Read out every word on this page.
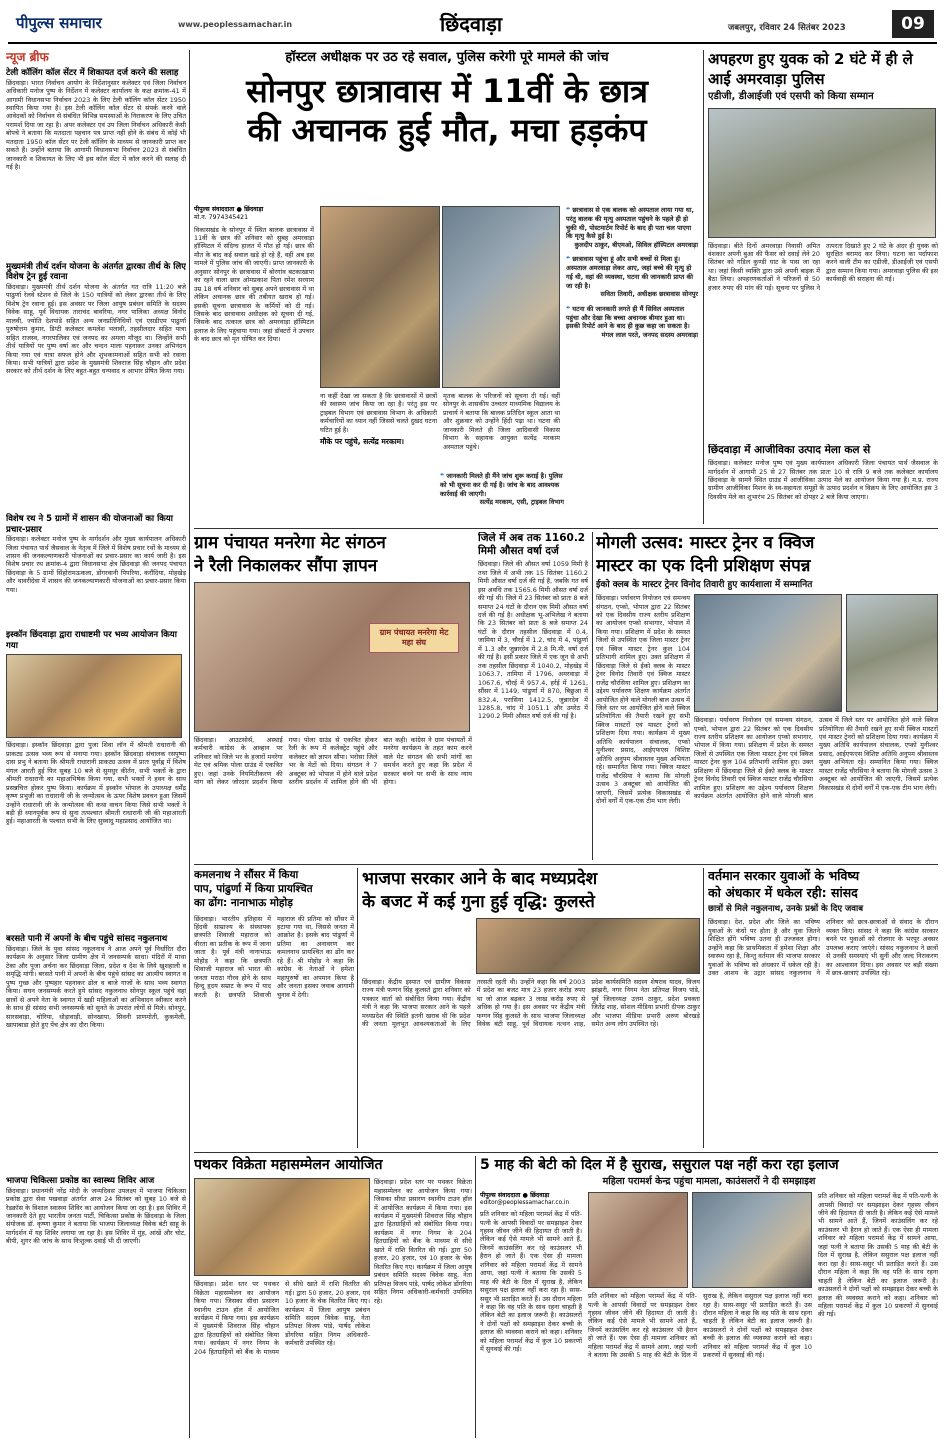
पीपुल्स समाचार	www.peoplessamachar.in	छिंदवाड़ा	जबलपुर, रविवार 24 सितंबर 2023	09
न्यूज ब्रीफ
टेली कॉलिंग कॉल सेंटर में शिकायत दर्ज करने की सलाह
छिंदवाड़ा। भारत निर्वाचन आयोग के निर्देशानुसार कलेक्टर एवं जिला निर्वाचन अधिकारी मनोज पुष्प के निर्देशन में कलेक्टर कार्यालय के कक्ष क्रमांक-41 में आगामी विधानसभा निर्वाचन 2023 के लिए टेली कॉलिंग कॉल सेंटर 1950 स्थापित किया गया है। इस टेली कॉलिंग कॉल सेंटर से संपर्क करने वाले आवेदकों को निर्वाचन से संबंधित विभिन्न समस्याओं के निराकरण के लिए उचित परामर्श दिया जा रहा है। अपर कलेक्टर एवं उप जिला निर्वाचन अधिकारी केसी बोपचे ने बताया कि मतदाता पहचान पत्र प्राप्त नहीं होने के संबंध में कोई भी मतदाता 1950 कॉल सेंटर पर टेली कॉलिंग के माध्यम से जानकारी प्राप्त कर सकते हैं। उन्होंने बताया कि आगामी विधानसभा निर्वाचन 2023 से संबंधित जानकारी व शिकायत के लिए भी इस कॉल सेंटर में कॉल करने की सलाह दी गई है।
मुख्यमंत्री तीर्थ दर्शन योजना के अंतर्गत द्वारका तीर्थ के लिए विशेष ट्रेन हुई रवाना
छिंदवाड़ा। मुख्यमंत्री तीर्थ दर्शन योजना के अंतर्गत गत रात्रि 11:20 बजे पाढुर्णा रेलवे स्टेशन से जिले के 150 यात्रियों को लेकर द्वारका तीर्थ के लिए विशेष ट्रेन रवाना हुई। इस अवसर पर जिला आयुष प्रबंधन समिति के सदस्य विवेक साहू, पूर्व विधायक ताराचंद बावरिया, नगर पालिका अध्यक्ष विनोद मालवी, ज्योति देशपांडे सहित अन्य जनप्रतिनिधियों एवं एसडीएम पाढुर्णा पुरुषोत्तम कुमार, डिप्टी कलेक्टर कमलेश भलावी, तहसीलदार सहित यात्रा सहित राजस्व, नगरपालिका एवं जनपद का अमला मौजूद था। जिन्होंने सभी तीर्थ यात्रियों पर पुष्प वर्षा कर और चन्दन माला पहनाकर उनका अभिनंदन किया गया एवं यात्रा सफल होने और शुभकामनाओं सहित सभी को रवाना किया। सभी यात्रियों द्वारा प्रदेश के मुख्यमंत्री शिवराज सिंह चौहान और प्रदेश सरकार को तीर्थ दर्शन के लिए बहुत-बहुत धन्यवाद व आभार प्रेषित किया गया।
विशेष रथ ने 5 ग्रामों में शासन की योजनाओं का किया प्रचार-प्रसार
छिंदवाड़ा। कलेक्टर मनोज पुष्प के मार्गदर्शन और मुख्य कार्यपालन अधिकारी जिला पंचायत पार्थ जैसवाल के नेतृत्व में जिले में विशेष प्रचार रथों के माध्यम से शासन की जनकल्याणकारी योजनाओं का प्रचार-प्रसार का कार्य जारी है। इस विशेष प्रचार रथ क्रमांक-4 द्वारा विधानसभा क्षेत्र छिंदवाड़ा की जनपद पंचायत छिंदवाड़ा के 5 ग्रामों सिंहोरामऊकला, डोंगरवानी पिपरिया, करौंदिया, मोहखेड़ और थावरीदेवा में शासन की जनकल्याणकारी योजनाओं का प्रचार-प्रसार किया गया।
इस्कॉन छिंदवाड़ा द्वारा राधाष्टमी पर भव्य आयोजन किया गया
छिंदवाड़ा। इस्कॉन छिंदवाड़ा द्वारा पुजा शिवा लॉन में श्रीमती राधारानी की प्राकट्य उत्सव भव्य रूप से मनाया गया। इस्कॉन छिंदवाड़ा संचालक रसपुष्पा दास प्रभु ने बताया कि श्रीमती राधारानी प्राकट्य उत्सव में प्रातः पूर्वाह्न में विशेष मंगल आरती हुई फिर सुबह 10 बजे से सुमधुर कीर्तन, सभी भक्तों के द्वारा श्रीमती राधारानी का महाअभिषेक किया गया, सभी भक्तों ने हवन के साथ प्रसन्नचित्त होकर पुष्प किया। कार्यक्रम में इस्कॉन भोपाल के उपाध्यक्ष धर्मेंद्र कृष्ण प्रभुजी का राधारानी जी के जन्मोत्सव के ऊपर विशेष प्रवचन हुआ जिसमें उन्होंने राधारानी जी के जन्मोत्सव की कथा वाचन किया जिसे सभी भक्तों ने बड़ी ही ध्यानपूर्वक रूप से सुना तत्पश्चात श्रीमती राधारानी जी की महाआरती हुई। महाआरती के पश्चात सभी के लिए सुस्वादु महाप्रसाद आयोजित था।
बरसते पानी में अपनों के बीच पहुंचे सांसद नकुलनाथ
छिंदवाड़ा। जिले के युवा सांसद नकुलनाथ ने आज अपने पूर्व निर्धारित दौरा कार्यक्रम के अनुसार जिला ग्रामीण क्षेत्र में जनसम्पर्क साधा। मंदिरों में माथा टेका और पूजा अर्चना कर छिंदवाड़ा जिला, प्रदेश व देश के लिये खुशहाली व समृद्धि मांगी। बरसते पानी में अपनों के बीच पहुंचे सांसद का आत्मीय स्वागत व पुष्प गुच्छ और पुष्पहार पहनाकर ढोल व बाजे गाजों के साथ भव्य स्वागत किया। सघन जनसम्पर्क करते हुये सांसद नकुलनाथ सोनपुर स्कूल पहुंचे वहां छात्रों से अपने नेता के स्वागत में खड़ी महिलाओं का अभिवादन स्वीकार करने के साथ ही सांसद सभी जनसम्पर्क को सुनते के उपरांत लोगों से मिले। सोनपुर, सारसवाड़ा, चोरिया, धोड़ावाड़ी, सोनखापा, सिवनी प्राणमोती, कुकमेली, खापाबाडा होते हुए पेंच क्षेत्र का दौरा किया।
भाजपा चिकित्सा प्रकोष्ठ का स्वास्थ्य शिविर आज
छिंदवाड़ा। प्रधानमंत्री नरेंद्र मोदी के जन्मदिवस उपलक्ष्य में भाजपा चिकित्सा प्रकोष्ठ द्वारा सेवा पखवाड़ा अंतर्गत आज 24 सितंबर को सुबह 10 बजे से रेडक्रॉस के विशाल स्वास्थ्य शिविर का आयोजन किया जा रहा है। इस शिविर में जानकारी देते हुए भारतीय जनता पार्टी, चिकित्सा प्रकोष्ठ के छिंदवाड़ा के जिला संयोजक डॉ. कृष्णा कुमार ने बताया कि भाजपा जिलाध्यक्ष विवेक बंटी साहू के मार्गदर्शन में यह शिविर लगाया जा रहा है। इस शिविर में मुंह, आंखें और चोट, बीपी, शुगर की जांच के साथ निःशुल्क दवाई भी दी जाएगी।
हॉस्टल अधीक्षक पर उठ रहे सवाल, पुलिस करेगी पूरे मामले की जांच
सोनपुर छात्रावास में 11वीं के छात्र
की अचानक हुई मौत, मचा हड़कंप
पीपुल्स संवाददाता ● छिंदवाड़ा
मो.न. 7974345421
विकासखंड के सोनपुर में स्थित बालक छात्रावास में 11वीं के छात्र की शनिवार को सुबह अमरवाड़ा हॉस्पिटल में संदिग्ध हालत में मौत हो गई। छात्र की मौत के बाद कई सवाल खड़े हो रहे हैं, वहीं अब इस मामले में पुलिस जांच की जाएगी। प्राप्त जानकारी के अनुसार सोनपुर के छात्रावास में बोरगांव बटकाखापा का रहने वाला छात्र ओमप्रकाश पिता रमेश सरयाम उम्र 18 वर्ष शनिवार को सुबह अपने छात्रावास में था लेकिन अचानक छात्र की तबीयत खराब हो गई। इसकी सूचना छात्रावास के कर्मियों को दी गई। जिसके बाद छात्रावास अधीक्षक को सूचना दी गई, जिसके बाद तत्काल छात्र को अमरवाड़ा हॉस्पिटल इलाज के लिए पहुंचाया गया। जहां डॉक्टरों ने उपचार के बाद छात्र को मृत घोषित कर दिया।
ना कहीं देखा जा सकता है कि छात्रावासों में छात्रों की स्वास्थ्य जांच किया जा रहा है। परंतु इस पर ट्राइबल विभाग एवं छात्रावास विभाग के अधिकारी कर्मचारियों का ध्यान नहीं जिससे चलते दुखद घटना घटित हुई है।
मौके पर पहुंचे, सत्येंद्र मरकाम।
मृतक बालक के परिजनों को सूचना दी गई। वहीं सोनपुर के शासकीय उच्चतर माध्यमिक विद्यालय के प्राचार्य ने बताया कि बालक प्रतिदिन स्कूल आता था और शुक्रवार को उन्होंने हिंदी पढ़ा था। घटना की जानकारी मिलते ही जिला आदिवासी विकास विभाग के सहायक आयुक्त सत्येंद्र मरकाम अस्पताल पहुंचे।
❝ छात्रावास से एक बालक को अस्पताल लाया गया था, परंतु बालक की मृत्यु अस्पताल पहुंचने के पहले ही हो चुकी थी, पोस्टमार्टम रिपोर्ट के बाद ही पता चल पाएगा कि मृत्यु कैसे हुई है।
कुलदीप ठाकुर, बीएमओ, सिविल हॉस्पिटल अमरवाड़ा
❝ छात्रावास पहुंचा हूं और सभी बच्चों से मिला हूं। अस्पताल अमरवाड़ा लेकर आए, जहां बच्चे की मृत्यु हो गई थी, वहां की व्यवस्था, घटना की जानकारी प्राप्त की जा रही है।
सविता तिवारी, अधीक्षक छात्रावास सोनपुर
❝ घटना की जानकारी लगते ही मैं सिविल अस्पताल पहुंचा और देखा कि बच्चा अचानक बीमार हुआ था। इसकी रिपोर्ट आने के बाद ही कुछ कहा जा सकता है।
मंगल लाल परते, जनपद सदस्य अमरवाड़ा
❝ जानकारी मिलते ही मैंने जांच शुरू कराई है। पुलिस को भी सूचना कर दी गई है। जांच के बाद आवश्यक कार्रवाई की जाएगी।
सत्येंद्र मरकाम, एसी, ट्राइबल विभाग
अपहरण हुए युवक को 2 घंटे में ही ले आई अमरवाड़ा पुलिस
एडीजी, डीआईजी एवं एसपी को किया सम्मान
छिंदवाड़ा। बीते दिनों अमरवाड़ा निवासी अमित वंशकार अपनी बुआ की फैंसर को दवाई लेने 20 सितंबर को गडिल कुण्डी घाट के पास जा रहा था। जहां किसी व्यक्ति द्वारा उसे अपनी बाइक में बैठा लिया। अपहरणकर्ताओं ने परिजनों से 50 हजार रुपए की मांग की गई। सूचना पर पुलिस ने तत्परता दिखाते हुए 2 घंटे के अंदर ही युवक को सुरक्षित बरामद कर लिया। घटना का पर्दाफाश करने वाली टीम का एडीजी, डीआईजी एवं एसपी द्वारा सम्मान किया गया। अमरवाड़ा पुलिस की इस कार्यवाही की सराहना की गई।
छिंदवाड़ा में आजीविका उत्पाद मेला कल से
छिंदवाड़ा। कलेक्टर मनोज पुष्प एवं मुख्य कार्यपालन अधिकारी जिला पंचायत पार्थ जैसवाल के मार्गदर्शन में आगामी 25 से 27 सितंबर तक प्रातः 10 से रात्रि 9 बजे तक कलेक्टर कार्यालय छिंदवाड़ा के सामने स्थित ग्राउंड में आजीविका उत्पाद मेले का आयोजन किया गया है। म.प्र. राज्य ग्रामीण आजीविका मिशन के स्व-सहायता समूहों के उत्पाद प्रदर्शन व विक्रय के लिए आयोजित इस 3 दिवसीय मेले का शुभारंभ 25 सितंबर को दोपहर 2 बजे किया जाएगा।
ग्राम पंचायत मनरेगा मेट संगठन
ने रैली निकालकर सौंपा ज्ञापन
ग्राम पंचायत मनरेगा मेट महा संघ
छिंदवाड़ा। आउटसोर्स, अस्थाई कर्मचारी कांग्रेस के आव्हान पर शनिवार को जिले भर के हजारों मनरेगा मेट एवं श्रमिक पोला ग्राउंड में एकत्रित हुए। जहां उनके नियमितीकरण की मांग को लेकर जोरदार प्रदर्शन किया गया। पोला ग्राउंड से एकत्रित होकर रैली के रूप में कलेक्ट्रेट पहुंचे और कलेक्टर को ज्ञापन सौंपा। भरोसा जिले भर के मेटों को दिया। संगठन ने 7 अक्टूबर को भोपाल में होने वाले प्रदेश स्तरीय प्रदर्शन में शामिल होने की भी बात कही। कांग्रेस ने ग्राम पंचायतों में मनरेगा कार्यक्रम के तहत काम करने वाले मेट संगठन की सभी मांगों का समर्थन करते हुए कहा कि प्रदेश में सरकार बनने पर सभी के साथ न्याय होगा।
जिले में अब तक 1160.2
मिमी औसत वर्षा दर्ज
छिंदवाड़ा। जिले की औसत वर्षा 1059 मिमी है तथा जिले में अभी तक 15 सितंबर 1160.2 मिमी औसत वर्षा दर्ज की गई है, जबकि गत वर्ष इस अवधि तक 1565.6 मिमी औसत वर्षा दर्ज की गई थी। जिले में 23 सितंबर को प्रातः 8 बजे समाप्त 24 घंटों के दौरान एक मिमी औसत वर्षा दर्ज की गई है। अधीक्षक भू-अभिलेख ने बताया कि 23 सितंबर को प्रातः 8 बजे समाप्त 24 घंटों के दौरान तहसील छिंदवाड़ा में 0.4, जामिया में 3, चौरई में 1.2, चांद में 4, पांढुर्णा में 1.3 और जुन्नारदेव में 2.8 मि.मी. वर्षा दर्ज की गई है। इसी प्रकार जिले में एक जून से अभी तक तहसील छिंदवाड़ा में 1040.2, मोहखेड़ में 1063.7, तामिया में 1796, अमरवाड़ा में 1067.6, चौरई में 957.4, हर्रई में 1261, सौंसर में 1149, पांढुर्णा में 870, बिछुआ में 832.4, परासिया 1412.5, जुन्नारदेव में 1285.8, चांद में 1051.1 और उमरेठ में 1290.2 मिमी औसत वर्षा दर्ज की गई है।
मोगली उत्सव: मास्टर ट्रेनर व क्विज
मास्टर का एक दिनी प्रशिक्षण संपन्न
ईको क्लब के मास्टर ट्रेनर विनोद तिवारी हुए कार्यशाला में सम्मानित
छिंदवाड़ा। पर्यावरण नियोजन एवं समन्वय संगठन, एप्को, भोपाल द्वारा 22 सितंबर को एक दिवसीय राज्य स्तरीय प्रशिक्षण का आयोजन एप्को सभागार, भोपाल में किया गया। प्रशिक्षण में प्रदेश के समस्त जिलों से उपस्थित एक जिला मास्टर ट्रेनर एवं क्विज मास्टर ट्रेनर कुल 104 प्रतिभागी शामिल हुए। उक्त प्रशिक्षण में छिंदवाड़ा जिले से ईको क्लब के मास्टर ट्रेनर विनोद तिवारी एवं क्विज मास्टर राजेंद्र चौरसिया शामिल हुए। प्रशिक्षण का उद्देश्य पर्यावरण शिक्षण कार्यक्रम अंतर्गत आयोजित होने वाले मोगली बाल उत्सव में जिले स्तर पर आयोजित होने वाले क्विज प्रतियोगिता की तैयारी रखने हुए सभी क्विज मास्टरों एवं मास्टर ट्रेनरों को प्रशिक्षण दिया गया। कार्यक्रम में मुख्य अतिथि कार्यपालन संचालक, एप्को मुनीश्वर प्रसाद, आईएफएस विशिष्ट अतिथि अनुपम श्रीवास्तव मुख्य अभियंता रहे। सम्मानित किया गया। क्विज मास्टर राजेंद्र चौरसिया ने बताया कि मोगली उत्सव 3 अक्टूबर को आयोजित की जाएगी, जिसमें प्रत्येक विकासखंड से दोनों वर्गों में एक-एक टीम भाग लेगी।
छिंदवाड़ा। पर्यावरण नियोजन एवं समन्वय संगठन, एप्को, भोपाल द्वारा 22 सितंबर को एक दिवसीय राज्य स्तरीय प्रशिक्षण का आयोजन एप्को सभागार, भोपाल में किया गया। प्रशिक्षण में प्रदेश के समस्त जिलों से उपस्थित एक जिला मास्टर ट्रेनर एवं क्विज मास्टर ट्रेनर कुल 104 प्रतिभागी शामिल हुए। उक्त प्रशिक्षण में छिंदवाड़ा जिले से ईको क्लब के मास्टर ट्रेनर विनोद तिवारी एवं क्विज मास्टर राजेंद्र चौरसिया शामिल हुए। प्रशिक्षण का उद्देश्य पर्यावरण शिक्षण कार्यक्रम अंतर्गत आयोजित होने वाले मोगली बाल उत्सव में जिले स्तर पर आयोजित होने वाले क्विज प्रतियोगिता की तैयारी रखने हुए सभी क्विज मास्टरों एवं मास्टर ट्रेनरों को प्रशिक्षण दिया गया। कार्यक्रम में मुख्य अतिथि कार्यपालन संचालक, एप्को मुनीश्वर प्रसाद, आईएफएस विशिष्ट अतिथि अनुपम श्रीवास्तव मुख्य अभियंता रहे। सम्मानित किया गया। क्विज मास्टर राजेंद्र चौरसिया ने बताया कि मोगली उत्सव 3 अक्टूबर को आयोजित की जाएगी, जिसमें प्रत्येक विकासखंड से दोनों वर्गों में एक-एक टीम भाग लेगी।
कमलनाथ ने सौंसर में किया
पाप, पांढुर्णा में किया प्रायश्चित
का ढोंग: नानाभाऊ मोहोड़
छिंदवाड़ा। भारतीय इतिहास में हिंदवी साम्राज्य के संस्थापक छत्रपति शिवाजी महाराज को वीरता का प्रतीक के रूप में जाना जाता है। पूर्व मंत्री नानाभाऊ मोहोड़ ने कहा कि छत्रपति शिवाजी महाराज को भारत की जनता मराठा गौरव होने के साथ हिन्दू हृदय सम्राट के रूप में याद करती है। छत्रपति शिवाजी महाराज की प्रतिमा को सौंसर में हटाया गया था, जिससे जनता में आक्रोश है। इसके बाद पांढुर्णा में प्रतिमा का अनावरण कर कमलनाथ प्रायश्चित का ढोंग कर रहे हैं। श्री मोहोड़ ने कहा कि कांग्रेस के नेताओं ने हमेशा महापुरुषों का अपमान किया है और जनता इसका जवाब आगामी चुनाव में देगी।
भाजपा सरकार आने के बाद मध्यप्रदेश
के बजट में कई गुना हुई वृद्धि: कुलस्ते
छिंदवाड़ा। केंद्रीय इस्पात एवं ग्रामीण विकास राज्य मंत्री फग्गन सिंह कुलस्ते द्वारा शनिवार को पत्रकार वार्ता को संबोधित किया गया। केंद्रीय मंत्री ने कहा कि भाजपा सरकार आने के पहले मध्यप्रदेश की स्थिति इतनी खराब थी कि प्रदेश की जनता मूलभूत आवश्यकताओं के लिए तरसती रहती थी। उन्होंने कहा कि वर्ष 2003 में प्रदेश का बजट मात्र 23 हजार करोड़ रुपए था जो आज बढ़कर 3 लाख करोड़ रुपए से अधिक हो गया है। इस अवसर पर केंद्रीय मंत्री फग्गन सिंह कुलस्ते के साथ भाजपा जिलाध्यक्ष विवेक बंटी साहू, पूर्व विधायक नत्थन शाह, प्रदेश कार्यसमिति सदस्य शेषराव यादव, विजय झांझरी, नगर निगम नेता प्रतिपक्ष विजय पांडे, पूर्व जिलाध्यक्ष उत्तम ठाकुर, प्रदेश प्रवक्ता जितेंद्र शाह, सोशल मीडिया प्रभारी दीपक ठाकुर और भाजपा मीडिया प्रभारी अरुण बोरखड़े समेत अन्य लोग उपस्थित रहे।
वर्तमान सरकार युवाओं के भविष्य
को अंधकार में धकेल रही: सांसद
छात्रों से मिले नकुलनाथ, उनके प्रश्नों के दिए जवाब
छिंदवाड़ा। देश, प्रदेश और जिले का भविष्य युवाओं के कंधों पर होता है और युवा जितने शिक्षित होंगे भविष्य उतना ही उज्जवल होगा। उन्होंने कहा कि प्राथमिकता में हमेशा शिक्षा और स्वास्थ्य रहा है, किन्तु वर्तमान की भाजपा सरकार युवाओं के भविष्य को अंधकार में धकेल रही है। उक्त आशय के उद्गार सांसद नकुलनाथ ने शनिवार को छात्र-छात्राओं से संवाद के दौरान व्यक्त किए। सांसद ने कहा कि कांग्रेस सरकार बनने पर युवाओं को रोजगार के भरपूर अवसर उपलब्ध कराए जाएंगे। सांसद नकुलनाथ ने छात्रों से उनकी समस्याएं भी सुनीं और जल्द निराकरण का आश्वासन दिया। इस अवसर पर बड़ी संख्या में छात्र-छात्राएं उपस्थित रहे।
पथकर विक्रेता महासम्मेलन आयोजित
छिंदवाड़ा। प्रदेश स्तर पर पथकर विक्रेता महासम्मेलन का आयोजन किया गया। जिसका सीधा प्रसारण स्थानीय टाउन हॉल में आयोजित कार्यक्रम में किया गया। इस कार्यक्रम में मुख्यमंत्री शिवराज सिंह चौहान द्वारा हितग्राहियों को संबोधित किया गया। कार्यक्रम में नगर निगम के 204 हितग्राहियों को बैंक के माध्यम से सीधे खाते में राशि वितरित की गई। द्वारा 50 हजार, 20 हजार, एवं 10 हजार के चेक वितरित किए गए। कार्यक्रम में जिला आयुष प्रबंधन समिति सदस्य विवेक साहू, नेता प्रतिपक्ष विजय पांडे, पार्षद लोकेश डोंगरिया सहित निगम अधिकारी-कर्मचारी उपस्थित रहे।
छिंदवाड़ा। प्रदेश स्तर पर पथकर विक्रेता महासम्मेलन का आयोजन किया गया। जिसका सीधा प्रसारण स्थानीय टाउन हॉल में आयोजित कार्यक्रम में किया गया। इस कार्यक्रम में मुख्यमंत्री शिवराज सिंह चौहान द्वारा हितग्राहियों को संबोधित किया गया। कार्यक्रम में नगर निगम के 204 हितग्राहियों को बैंक के माध्यम से सीधे खाते में राशि वितरित की गई। द्वारा 50 हजार, 20 हजार, एवं 10 हजार के चेक वितरित किए गए। कार्यक्रम में जिला आयुष प्रबंधन समिति सदस्य विवेक साहू, नेता प्रतिपक्ष विजय पांडे, पार्षद लोकेश डोंगरिया सहित निगम अधिकारी-कर्मचारी उपस्थित रहे।
5 माह की बेटी को दिल में है सुराख, ससुराल पक्ष नहीं करा रहा इलाज
महिला परामर्श केन्द्र पहुंचा मामला, काउंसलरों ने दी समझाइश
पीपुल्स संवाददाता ● छिंदवाड़ा
editor@peoplessamachar.co.in
प्रति शनिवार को महिला परामर्श केंद्र में पति-पत्नी के आपसी विवादों पर समझाइश देकर गृहस्थ जीवन जीने की हिदायत दी जाती है। लेकिन कई ऐसे मामले भी सामने आते हैं, जिनमें काउंसलिंग कर रहे काउंसलर भी हैरान हो जाते हैं। एक ऐसा ही मामला शनिवार को महिला परामर्श केंद्र में सामने आया, जहां पत्नी ने बताया कि उसकी 5 माह की बेटी के दिल में सुराख है, लेकिन ससुराल पक्ष इलाज नहीं करा रहा है। सास-ससुर भी प्रताड़ित करते हैं। उस दौरान महिला ने कहा कि वह पति के साथ रहना चाहती है लेकिन बेटी का इलाज जरूरी है। काउंसलरों ने दोनों पक्षों को समझाइश देकर बच्ची के इलाज की व्यवस्था कराने को कहा। शनिवार को महिला परामर्श केंद्र में कुल 10 प्रकरणों में सुनवाई की गई।
प्रति शनिवार को महिला परामर्श केंद्र में पति-पत्नी के आपसी विवादों पर समझाइश देकर गृहस्थ जीवन जीने की हिदायत दी जाती है। लेकिन कई ऐसे मामले भी सामने आते हैं, जिनमें काउंसलिंग कर रहे काउंसलर भी हैरान हो जाते हैं। एक ऐसा ही मामला शनिवार को महिला परामर्श केंद्र में सामने आया, जहां पत्नी ने बताया कि उसकी 5 माह की बेटी के दिल में सुराख है, लेकिन ससुराल पक्ष इलाज नहीं करा रहा है। सास-ससुर भी प्रताड़ित करते हैं। उस दौरान महिला ने कहा कि वह पति के साथ रहना चाहती है लेकिन बेटी का इलाज जरूरी है। काउंसलरों ने दोनों पक्षों को समझाइश देकर बच्ची के इलाज की व्यवस्था कराने को कहा। शनिवार को महिला परामर्श केंद्र में कुल 10 प्रकरणों में सुनवाई की गई।
प्रति शनिवार को महिला परामर्श केंद्र में पति-पत्नी के आपसी विवादों पर समझाइश देकर गृहस्थ जीवन जीने की हिदायत दी जाती है। लेकिन कई ऐसे मामले भी सामने आते हैं, जिनमें काउंसलिंग कर रहे काउंसलर भी हैरान हो जाते हैं। एक ऐसा ही मामला शनिवार को महिला परामर्श केंद्र में सामने आया, जहां पत्नी ने बताया कि उसकी 5 माह की बेटी के दिल में सुराख है, लेकिन ससुराल पक्ष इलाज नहीं करा रहा है। सास-ससुर भी प्रताड़ित करते हैं। उस दौरान महिला ने कहा कि वह पति के साथ रहना चाहती है लेकिन बेटी का इलाज जरूरी है। काउंसलरों ने दोनों पक्षों को समझाइश देकर बच्ची के इलाज की व्यवस्था कराने को कहा। शनिवार को महिला परामर्श केंद्र में कुल 10 प्रकरणों में सुनवाई की गई।
